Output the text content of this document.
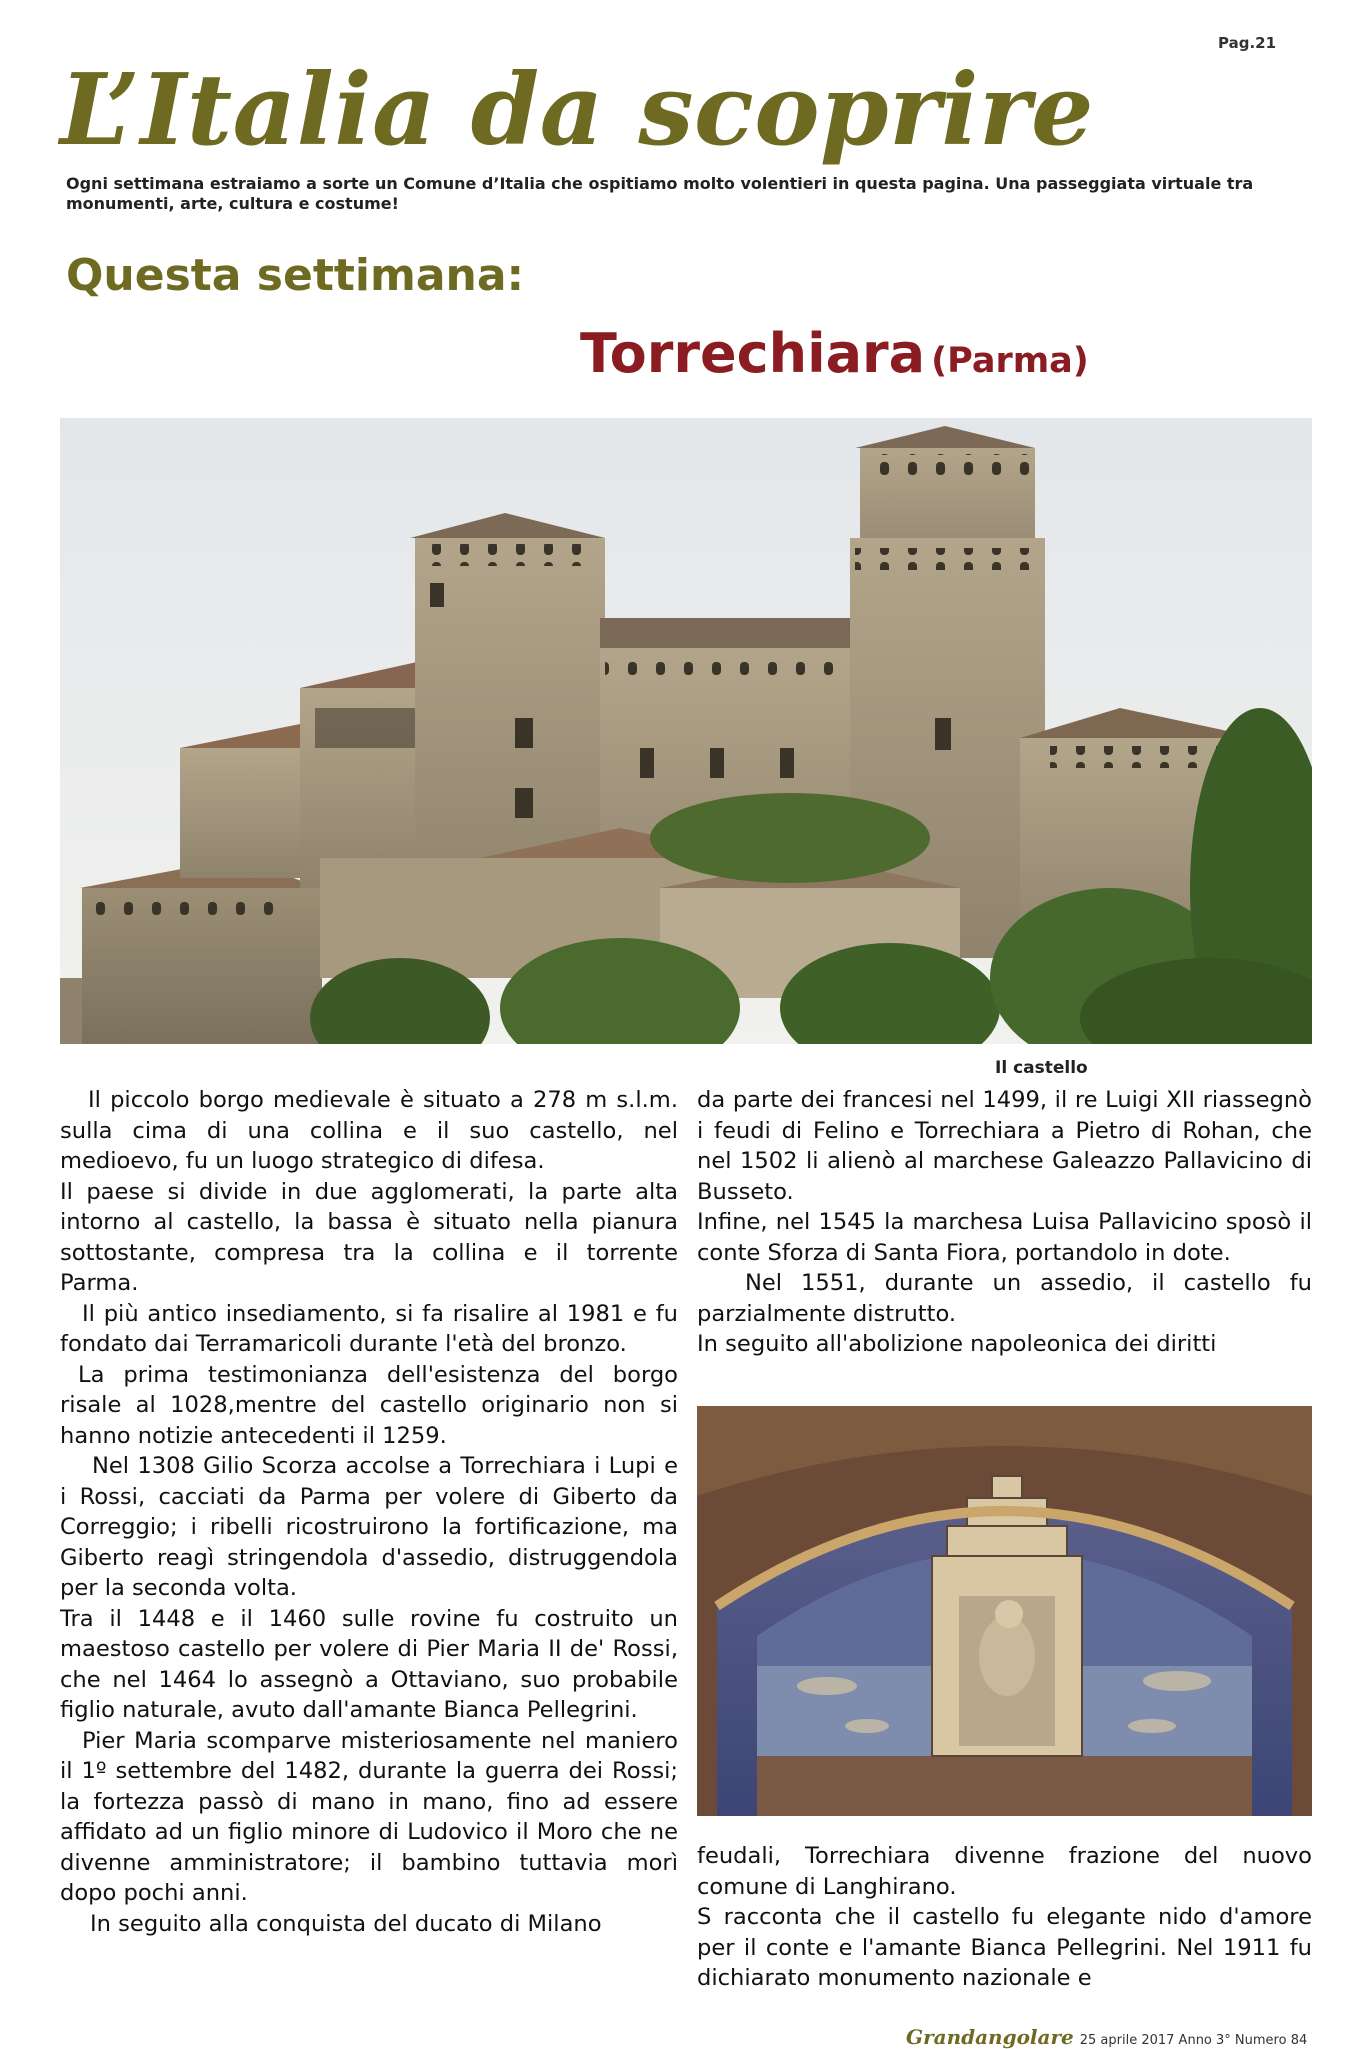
Pag.21
L’Italia da scoprire
Ogni settimana estraiamo a sorte un Comune d’Italia che ospitiamo molto volentieri in questa pagina. Una passeggiata virtuale tra monumenti, arte, cultura e costume!
Questa settimana:
Torrechiara (Parma)
Il castello

Il piccolo borgo medievale è situato a 278 m s.l.m. sulla cima di una collina e il suo castello, nel medioevo, fu un luogo strategico di difesa.

Il paese si divide in due agglomerati, la parte alta intorno al castello, la bassa è situato nella pianura sottostante, compresa tra la collina e il torrente Parma.

Il più antico insediamento, si fa risalire al 1981 e fu fondato dai Terramaricoli durante l'età del bronzo.

La prima testimonianza dell'esistenza del borgo risale al 1028,mentre del castello originario non si hanno notizie antecedenti il 1259.

Nel 1308 Gilio Scorza accolse a Torrechiara i Lupi e i Rossi, cacciati da Parma per volere di Giberto da Correggio; i ribelli ricostruirono la fortificazione, ma Giberto reagì stringendola d'assedio, distruggendola per la seconda volta.

Tra il 1448 e il 1460 sulle rovine fu costruito un maestoso castello per volere di Pier Maria II de' Rossi, che nel 1464 lo assegnò a Ottaviano, suo probabile figlio naturale, avuto dall'amante Bianca Pellegrini.

Pier Maria scomparve misteriosamente nel maniero il 1º settembre del 1482, durante la guerra dei Rossi; la fortezza passò di mano in mano, fino ad essere affidato ad un figlio minore di Ludovico il Moro che ne divenne amministratore; il bambino tuttavia morì dopo pochi anni.

In seguito alla conquista del ducato di Milano

da parte dei francesi nel 1499, il re Luigi XII riassegnò i feudi di Felino e Torrechiara a Pietro di Rohan, che nel 1502 li alienò al marchese Galeazzo Pallavicino di Busseto.

Infine, nel 1545 la marchesa Luisa Pallavicino sposò il conte Sforza di Santa Fiora, portandolo in dote.

Nel 1551, durante un assedio, il castello fu parzialmente distrutto.

In seguito all'abolizione napoleonica dei diritti

feudali, Torrechiara divenne frazione del nuovo comune di Langhirano.

S racconta che il castello fu elegante nido d'amore per il conte e l'amante Bianca Pellegrini. Nel 1911 fu dichiarato monumento nazionale e

Grandangolare 25 aprile 2017 Anno 3° Numero 84
